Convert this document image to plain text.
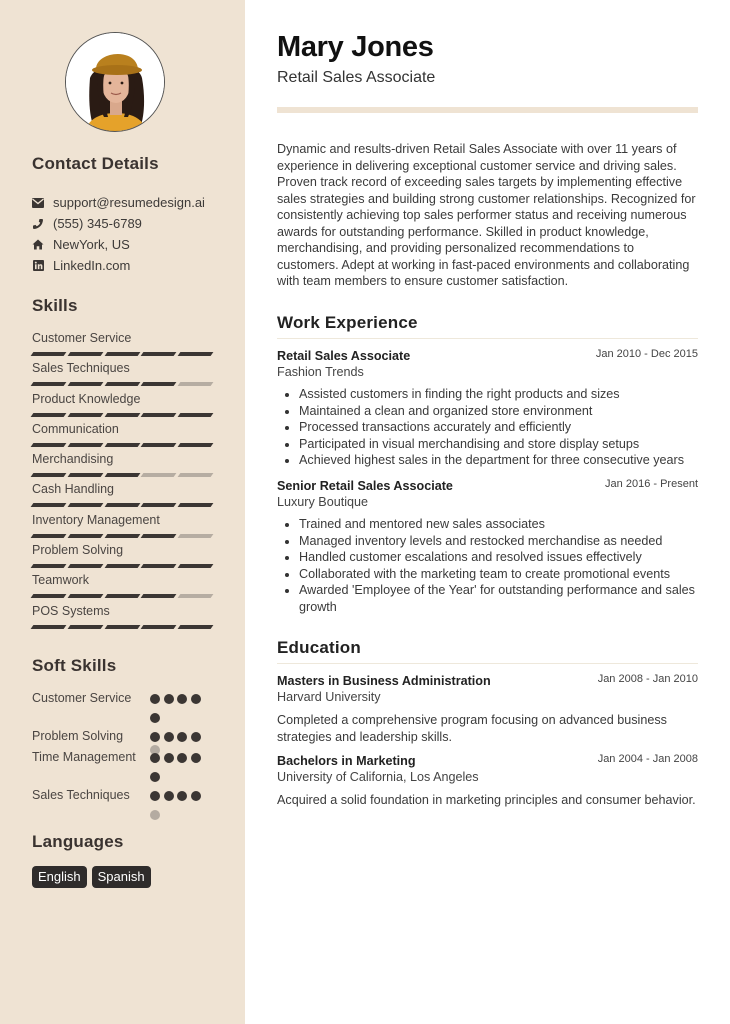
Contact Details
support@resumedesign.ai
(555) 345-6789
NewYork, US
LinkedIn.com
Skills
Customer Service
Sales Techniques
Product Knowledge
Communication
Merchandising
Cash Handling
Inventory Management
Problem Solving
Teamwork
POS Systems
Soft Skills
Customer Service
Problem Solving
Time Management
Sales Techniques
Languages
English	Spanish
Mary Jones
Retail Sales Associate

Dynamic and results-driven Retail Sales Associate with over 11 years of experience in delivering exceptional customer service and driving sales. Proven track record of exceeding sales targets by implementing effective sales strategies and building strong customer relationships. Recognized for consistently achieving top sales performer status and receiving numerous awards for outstanding performance. Skilled in product knowledge, merchandising, and providing personalized recommendations to customers. Adept at working in fast-paced environments and collaborating with team members to ensure customer satisfaction.

Work Experience
Retail Sales Associate	Jan 2010 - Dec 2015
Fashion Trends
Assisted customers in finding the right products and sizes
Maintained a clean and organized store environment
Processed transactions accurately and efficiently
Participated in visual merchandising and store display setups
Achieved highest sales in the department for three consecutive years
Senior Retail Sales Associate	Jan 2016 - Present
Luxury Boutique
Trained and mentored new sales associates
Managed inventory levels and restocked merchandise as needed
Handled customer escalations and resolved issues effectively
Collaborated with the marketing team to create promotional events
Awarded 'Employee of the Year' for outstanding performance and sales growth
Education
Masters in Business Administration	Jan 2008 - Jan 2010
Harvard University

Completed a comprehensive program focusing on advanced business strategies and leadership skills.

Bachelors in Marketing	Jan 2004 - Jan 2008
University of California, Los Angeles

Acquired a solid foundation in marketing principles and consumer behavior.
